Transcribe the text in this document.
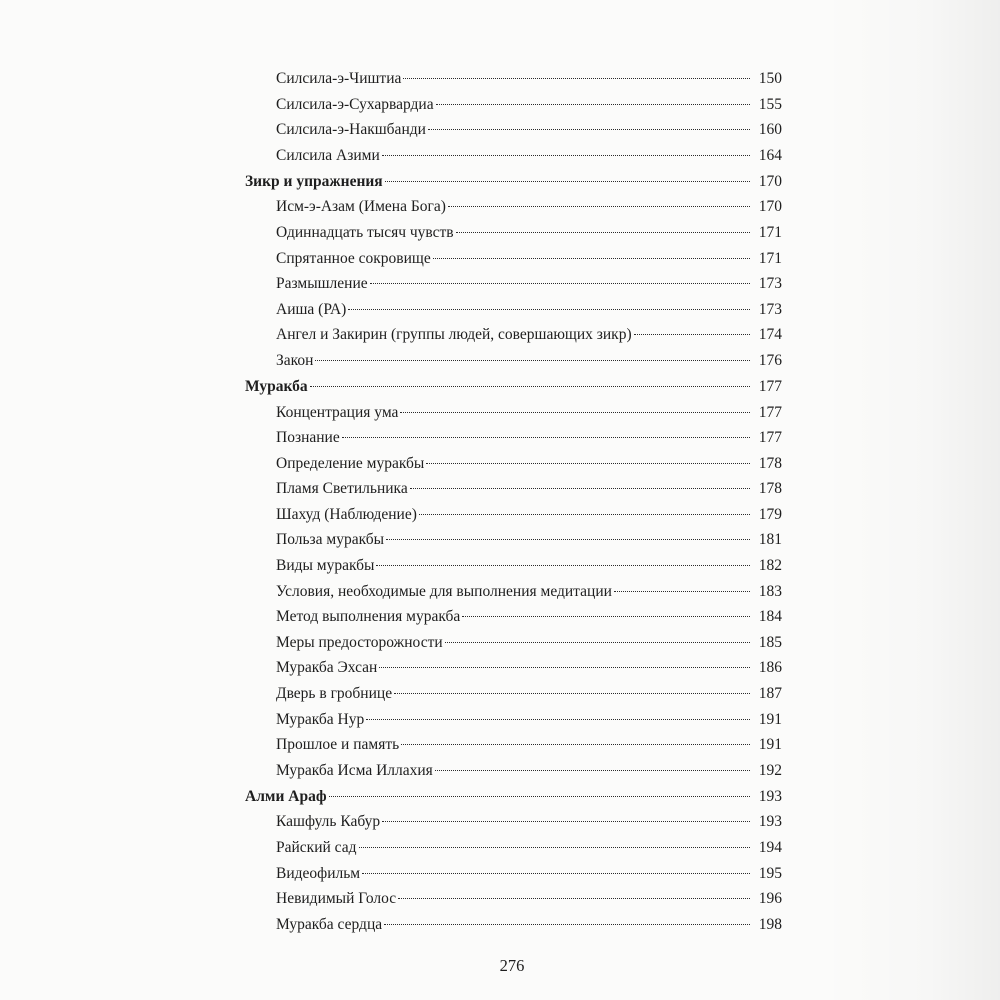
Силсила-э-Чиштиа	150
Силсила-э-Сухарвардиа	155
Силсила-э-Накшбанди	160
Силсила Азими	164
Зикр и упражнения	170
Исм-э-Азам (Имена Бога)	170
Одиннадцать тысяч чувств	171
Спрятанное сокровище	171
Размышление	173
Аиша (РА)	173
Ангел и Закирин (группы людей, совершающих зикр)	174
Закон	176
Муракба	177
Концентрация ума	177
Познание	177
Определение муракбы	178
Пламя Светильника	178
Шахуд (Наблюдение)	179
Польза муракбы	181
Виды муракбы	182
Условия, необходимые для выполнения медитации	183
Метод выполнения муракба	184
Меры предосторожности	185
Муракба Эхсан	186
Дверь в гробнице	187
Муракба Нур	191
Прошлое и память	191
Муракба Исма Иллахия	192
Алми Араф	193
Кашфуль Кабур	193
Райский сад	194
Видеофильм	195
Невидимый Голос	196
Муракба сердца	198
276
